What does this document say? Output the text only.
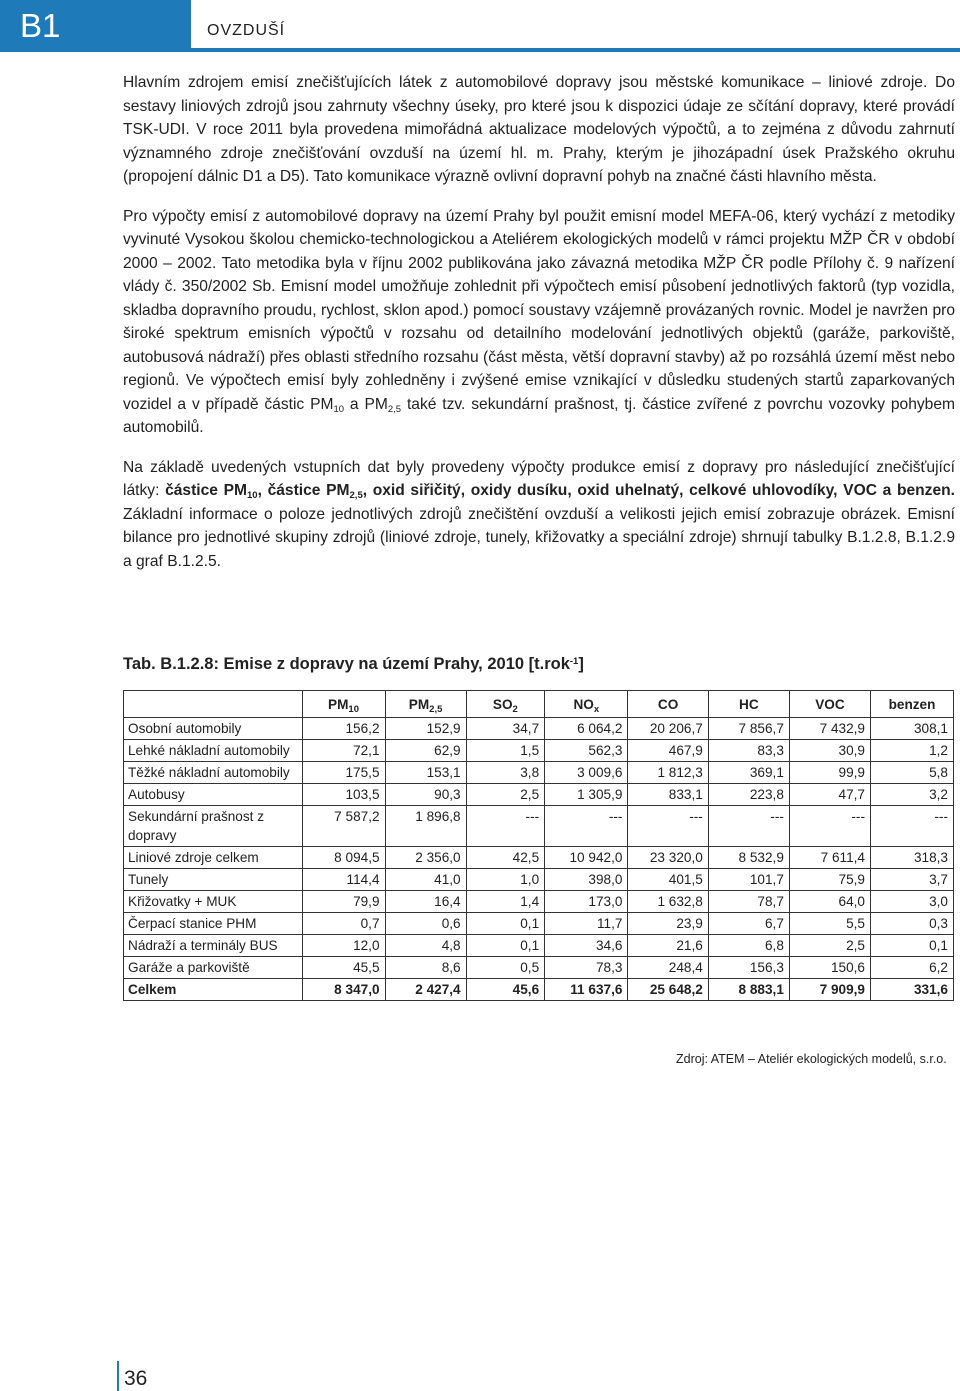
B1	OVZDUŠÍ

Hlavním zdrojem emisí znečišťujících látek z automobilové dopravy jsou městské komunikace – liniové zdroje. Do sestavy liniových zdrojů jsou zahrnuty všechny úseky, pro které jsou k dispozici údaje ze sčítání dopravy, které provádí TSK-UDI. V roce 2011 byla provedena mimořádná aktualizace modelových výpočtů, a to zejména z důvodu zahrnutí významného zdroje znečišťování ovzduší na území hl. m. Prahy, kterým je jihozápadní úsek Pražského okruhu (propojení dálnic D1 a D5). Tato komunikace výrazně ovlivní dopravní pohyb na značné části hlavního města.

Pro výpočty emisí z automobilové dopravy na území Prahy byl použit emisní model MEFA-06, který vychází z metodiky vyvinuté Vysokou školou chemicko-technologickou a Ateliérem ekologických modelů v rámci projektu MŽP ČR v období 2000 – 2002. Tato metodika byla v říjnu 2002 publikována jako závazná metodika MŽP ČR podle Přílohy č. 9 nařízení vlády č. 350/2002 Sb. Emisní model umožňuje zohlednit při výpočtech emisí působení jednotlivých faktorů (typ vozidla, skladba dopravního proudu, rychlost, sklon apod.) pomocí soustavy vzájemně provázaných rovnic. Model je navržen pro široké spektrum emisních výpočtů v rozsahu od detailního modelování jednotlivých objektů (garáže, parkoviště, autobusová nádraží) přes oblasti středního rozsahu (část města, větší dopravní stavby) až po rozsáhlá území měst nebo regionů. Ve výpočtech emisí byly zohledněny i zvýšené emise vznikající v důsledku studených startů zaparkovaných vozidel a v případě částic $PM_{10}$ a $PM_{2,5}$ také tzv. sekundární prašnost, tj. částice zvířené z povrchu vozovky pohybem automobilů.

Na základě uvedených vstupních dat byly provedeny výpočty produkce emisí z dopravy pro následující znečišťující látky: částice $PM_{10}$, částice $PM_{2,5}$, oxid siřičitý, oxidy dusíku, oxid uhelnatý, celkové uhlovodíky, VOC a benzen. Základní informace o poloze jednotlivých zdrojů znečištění ovzduší a velikosti jejich emisí zobrazuje obrázek. Emisní bilance pro jednotlivé skupiny zdrojů (liniové zdroje, tunely, křižovatky a speciální zdroje) shrnují tabulky B.1.2.8, B.1.2.9 a graf B.1.2.5.

Tab. B.1.2.8: Emise z dopravy na území Prahy, 2010 [t.rok$^{-1}$]
	$PM_{10}$	$PM_{2,5}$	$SO_2$	$NO_x$	CO	HC	VOC	benzen
Osobní automobily	156,2	152,9	34,7	6 064,2	20 206,7	7 856,7	7 432,9	308,1
Lehké nákladní automobily	72,1	62,9	1,5	562,3	467,9	83,3	30,9	1,2
Těžké nákladní automobily	175,5	153,1	3,8	3 009,6	1 812,3	369,1	99,9	5,8
Autobusy	103,5	90,3	2,5	1 305,9	833,1	223,8	47,7	3,2
Sekundární prašnost z dopravy	7 587,2	1 896,8	---	---	---	---	---	---
Liniové zdroje celkem	8 094,5	2 356,0	42,5	10 942,0	23 320,0	8 532,9	7 611,4	318,3
Tunely	114,4	41,0	1,0	398,0	401,5	101,7	75,9	3,7
Křižovatky + MUK	79,9	16,4	1,4	173,0	1 632,8	78,7	64,0	3,0
Čerpací stanice PHM	0,7	0,6	0,1	11,7	23,9	6,7	5,5	0,3
Nádraží a terminály BUS	12,0	4,8	0,1	34,6	21,6	6,8	2,5	0,1
Garáže a parkoviště	45,5	8,6	0,5	78,3	248,4	156,3	150,6	6,2
Celkem	8 347,0	2 427,4	45,6	11 637,6	25 648,2	8 883,1	7 909,9	331,6
Zdroj: ATEM – Ateliér ekologických modelů, s.r.o.
36
